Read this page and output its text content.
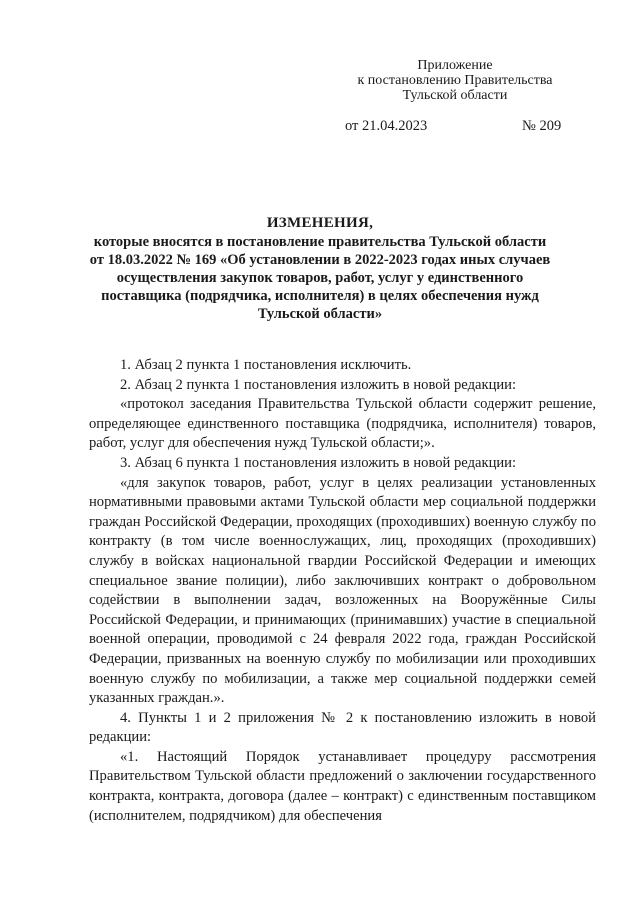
Приложение
к постановлению Правительства
Тульской области
от 21.04.2023	№ 209
ИЗМЕНЕНИЯ,
которые вносятся в постановление правительства Тульской области
от 18.03.2022 № 169 «Об установлении в 2022-2023 годах иных случаев
осуществления закупок товаров, работ, услуг у единственного
поставщика (подрядчика, исполнителя) в целях обеспечения нужд
Тульской области»

1. Абзац 2 пункта 1 постановления исключить.

2. Абзац 2 пункта 1 постановления изложить в новой редакции:

«протокол заседания Правительства Тульской области содержит решение, определяющее единственного поставщика (подрядчика, исполнителя) товаров, работ, услуг для обеспечения нужд Тульской области;».

3. Абзац 6 пункта 1 постановления изложить в новой редакции:

«для закупок товаров, работ, услуг в целях реализации установленных нормативными правовыми актами Тульской области мер социальной поддержки граждан Российской Федерации, проходящих (проходивших) военную службу по контракту (в том числе военнослужащих, лиц, проходящих (проходивших) службу в войсках национальной гвардии Российской Федерации и имеющих специальное звание полиции), либо заключивших контракт о добровольном содействии в выполнении задач, возложенных на Вооружённые Силы Российской Федерации, и принимающих (принимавших) участие в специальной военной операции, проводимой с 24 февраля 2022 года, граждан Российской Федерации, призванных на военную службу по мобилизации или проходивших военную службу по мобилизации, а также мер социальной поддержки семей указанных граждан.».

4. Пункты 1 и 2 приложения № 2 к постановлению изложить в новой редакции:

«1. Настоящий Порядок устанавливает процедуру рассмотрения Правительством Тульской области предложений о заключении государственного контракта, контракта, договора (далее – контракт) с единственным поставщиком (исполнителем, подрядчиком) для обеспечения
